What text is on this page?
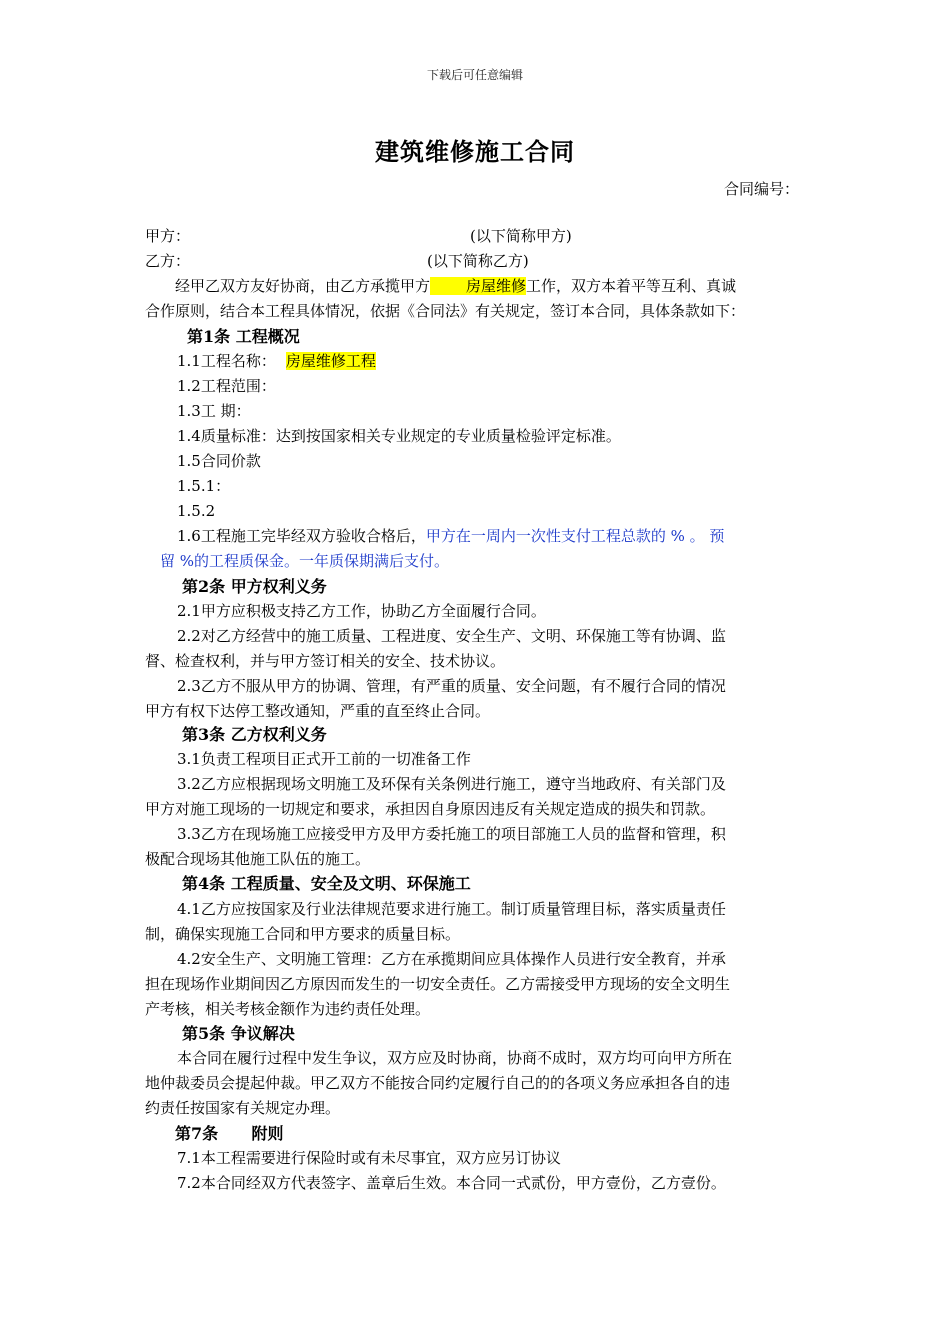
下载后可任意编辑
建筑维修施工合同
合同编号：
甲方：	(以下简称甲方)
乙方：	(以下简称乙方)
经甲乙双方友好协商，由乙方承揽甲方 房屋维修工作，双方本着平等互利、真诚
合作原则，结合本工程具体情况，依据《合同法》有关规定，签订本合同，具体条款如下：
第1条 工程概况
1.1工程名称： 房屋维修工程
1.2工程范围：
1.3工 期：
1.4质量标准：达到按国家相关专业规定的专业质量检验评定标准。
1.5合同价款
1.5.1：
1.5.2
1.6工程施工完毕经双方验收合格后，甲方在一周内一次性支付工程总款的 % 。 预
留 %的工程质保金。一年质保期满后支付。
第2条 甲方权利义务
2.1甲方应积极支持乙方工作，协助乙方全面履行合同。
2.2对乙方经营中的施工质量、工程进度、安全生产、文明、环保施工等有协调、监
督、检查权利，并与甲方签订相关的安全、技术协议。
2.3乙方不服从甲方的协调、管理，有严重的质量、安全问题，有不履行合同的情况
甲方有权下达停工整改通知，严重的直至终止合同。
第3条 乙方权利义务
3.1负责工程项目正式开工前的一切准备工作
3.2乙方应根据现场文明施工及环保有关条例进行施工，遵守当地政府、有关部门及
甲方对施工现场的一切规定和要求，承担因自身原因违反有关规定造成的损失和罚款。
3.3乙方在现场施工应接受甲方及甲方委托施工的项目部施工人员的监督和管理，积
极配合现场其他施工队伍的施工。
第4条 工程质量、安全及文明、环保施工
4.1乙方应按国家及行业法律规范要求进行施工。制订质量管理目标，落实质量责任
制，确保实现施工合同和甲方要求的质量目标。
4.2安全生产、文明施工管理：乙方在承揽期间应具体操作人员进行安全教育，并承
担在现场作业期间因乙方原因而发生的一切安全责任。乙方需接受甲方现场的安全文明生
产考核，相关考核金额作为违约责任处理。
第5条 争议解决
本合同在履行过程中发生争议，双方应及时协商，协商不成时，双方均可向甲方所在
地仲裁委员会提起仲裁。甲乙双方不能按合同约定履行自己的的各项义务应承担各自的违
约责任按国家有关规定办理。
第7条      附则
7.1本工程需要进行保险时或有未尽事宜，双方应另订协议
7.2本合同经双方代表签字、盖章后生效。本合同一式贰份，甲方壹份，乙方壹份。
